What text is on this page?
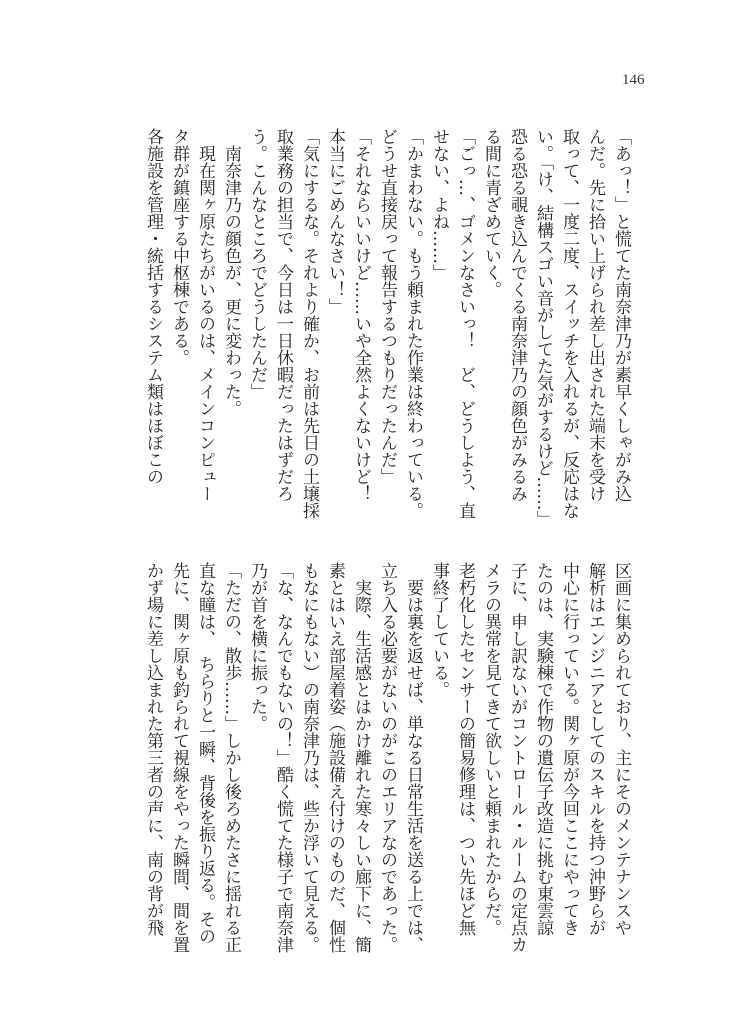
146
「あっ！」と慌てた南奈津乃が素早くしゃがみ込
んだ。先に拾い上げられ差し出された端末を受け
取って、一度二度、スイッチを入れるが、反応はな
い。「け、結構スゴい音がしてた気がするけど……」
恐る恐る覗き込んでくる南奈津乃の顔色がみるみ
る間に青ざめていく。
「ごっ…、ゴメンなさいっ！　ど、どうしよう、直
せない、よね……」
「かまわない。もう頼まれた作業は終わっている。
どうせ直接戻って報告するつもりだったんだ」
「それならいいけど……いや全然よくないけど！
本当にごめんなさい！」
「気にするな。それより確か、お前は先日の土壌採
取業務の担当で、今日は一日休暇だったはずだろ
う。こんなところでどうしたんだ」
　南奈津乃の顔色が、更に変わった。
　現在関ヶ原たちがいるのは、メインコンピュー
タ群が鎮座する中枢棟である。
各施設を管理・統括するシステム類はほぼこの
区画に集められており、主にそのメンテナンスや
解析はエンジニアとしてのスキルを持つ沖野らが
中心に行っている。関ヶ原が今回ここにやってき
たのは、実験棟で作物の遺伝子改造に挑む東雲諒
子に、申し訳ないがコントロール・ルームの定点カ
メラの異常を見てきて欲しいと頼まれたからだ。
老朽化したセンサーの簡易修理は、つい先ほど無
事終了している。
　要は裏を返せば、単なる日常生活を送る上では、
立ち入る必要がないのがこのエリアなのであった。
　実際、生活感とはかけ離れた寒々しい廊下に、簡
素とはいえ部屋着姿（施設備え付けのものだ、個性
もなにもない）の南奈津乃は、些か浮いて見える。
「な、なんでもないの！」酷く慌てた様子で南奈津
乃が首を横に振った。
「ただの、散歩……」しかし後ろめたさに揺れる正
直な瞳は、　ちらりと一瞬、背後を振り返る。その
先に、関ヶ原も釣られて視線をやった瞬間、間を置
かず場に差し込まれた第三者の声に、南の背が飛
